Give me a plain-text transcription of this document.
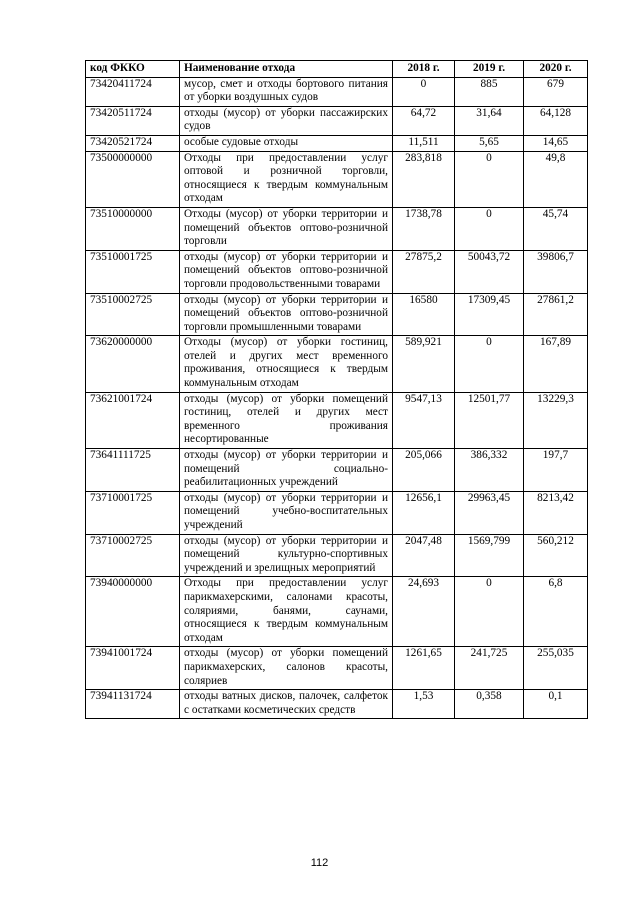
код ФККО	Наименование отхода	2018 г.	2019 г.	2020 г.
73420411724	мусор, смет и отходы бортового питания от уборки воздушных судов	0	885	679
73420511724	отходы (мусор) от уборки пассажирских судов	64,72	31,64	64,128
73420521724	особые судовые отходы	11,511	5,65	14,65
73500000000	Отходы при предоставлении услуг оптовой и розничной торговли, относящиеся к твердым коммунальным отходам	283,818	0	49,8
73510000000	Отходы (мусор) от уборки территории и помещений объектов оптово-розничной торговли	1738,78	0	45,74
73510001725	отходы (мусор) от уборки территории и помещений объектов оптово-розничной торговли продовольственными товарами	27875,2	50043,72	39806,7
73510002725	отходы (мусор) от уборки территории и помещений объектов оптово-розничной торговли промышленными товарами	16580	17309,45	27861,2
73620000000	Отходы (мусор) от уборки гостиниц, отелей и других мест временного проживания, относящиеся к твердым коммунальным отходам	589,921	0	167,89
73621001724	отходы (мусор) от уборки помещений гостиниц, отелей и других мест временного проживания несортированные	9547,13	12501,77	13229,3
73641111725	отходы (мусор) от уборки территории и помещений социально-реабилитационных учреждений	205,066	386,332	197,7
73710001725	отходы (мусор) от уборки территории и помещений учебно-воспитательных учреждений	12656,1	29963,45	8213,42
73710002725	отходы (мусор) от уборки территории и помещений культурно-спортивных учреждений и зрелищных мероприятий	2047,48	1569,799	560,212
73940000000	Отходы при предоставлении услуг парикмахерскими, салонами красоты, соляриями, банями, саунами, относящиеся к твердым коммунальным отходам	24,693	0	6,8
73941001724	отходы (мусор) от уборки помещений парикмахерских, салонов красоты, соляриев	1261,65	241,725	255,035
73941131724	отходы ватных дисков, палочек, салфеток с остатками косметических средств	1,53	0,358	0,1
112
